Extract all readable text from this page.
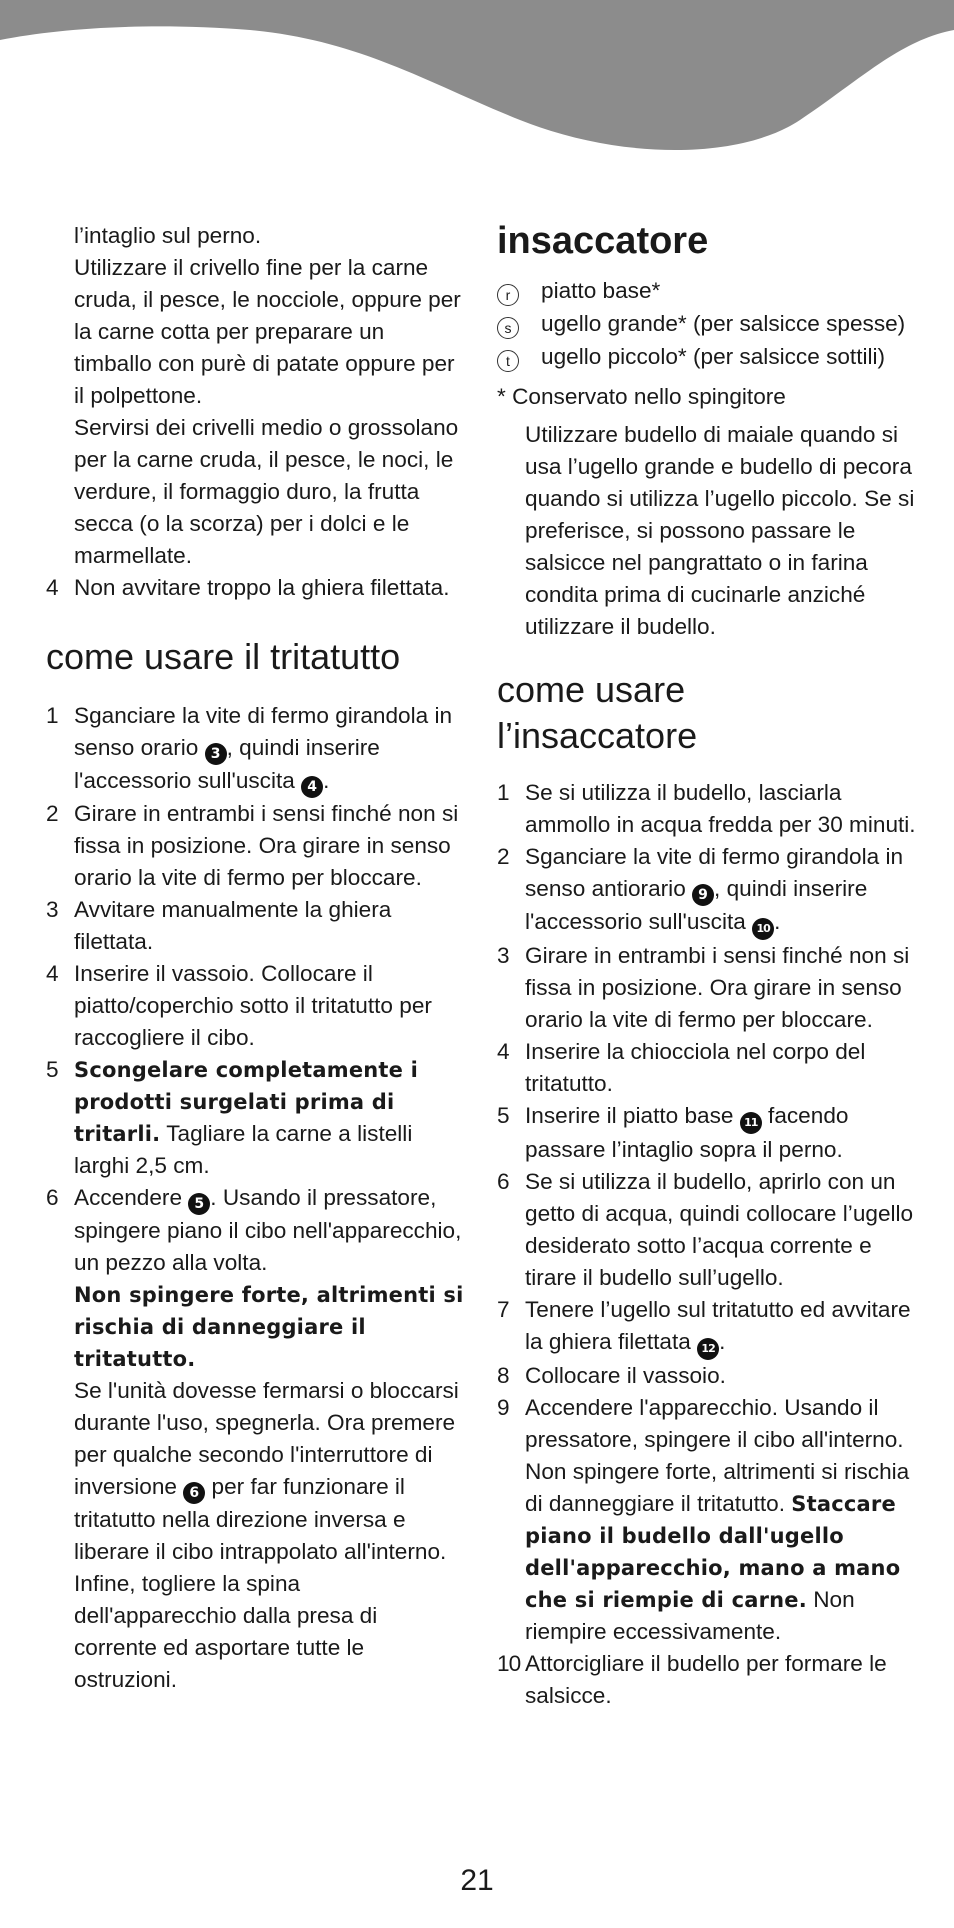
l’intaglio sul perno.

Utilizzare il crivello fine per la carne cruda, il pesce, le nocciole, oppure per la carne cotta per preparare un timballo con purè di patate oppure per il polpettone.

Servirsi dei crivelli medio o grossolano per la carne cruda, il pesce, le noci, le verdure, il formaggio duro, la frutta secca (o la scorza) per i dolci e le marmellate.

4 Non avvitare troppo la ghiera filettata.
come usare il tritatutto
1 Sganciare la vite di fermo girandola in senso orario 3 , quindi inserire l'accessorio sull'uscita 4 .
2 Girare in entrambi i sensi finché non si fissa in posizione. Ora girare in senso orario la vite di fermo per bloccare.
3 Avvitare manualmente la ghiera filettata.
4 Inserire il vassoio. Collocare il piatto/coperchio sotto il tritatutto per raccogliere il cibo.
5 Scongelare completamente i prodotti surgelati prima di tritarli. Tagliare la carne a listelli larghi 2,5 cm.
6 Accendere 5 . Usando il pressatore, spingere piano il cibo nell'apparecchio, un pezzo alla volta.
Non spingere forte, altrimenti si rischia di danneggiare il tritatutto.
Se l'unità dovesse fermarsi o bloccarsi durante l'uso, spegnerla. Ora premere per qualche secondo l'interruttore di inversione 6 per far funzionare il tritatutto nella direzione inversa e liberare il cibo intrappolato all'interno. Infine, togliere la spina dell'apparecchio dalla presa di corrente ed asportare tutte le ostruzioni.
insaccatore
r	piatto base*
s	ugello grande* (per salsicce spesse)
t	ugello piccolo* (per salsicce sottili)

* Conservato nello spingitore

Utilizzare budello di maiale quando si usa l’ugello grande e budello di pecora quando si utilizza l’ugello piccolo. Se si preferisce, si possono passare le salsicce nel pangrattato o in farina condita prima di cucinarle anziché utilizzare il budello.

come usare
l’insaccatore
1 Se si utilizza il budello, lasciarla ammollo in acqua fredda per 30 minuti.
2 Sganciare la vite di fermo girandola in senso antiorario 9 , quindi inserire l'accessorio sull'uscita 10 .
3 Girare in entrambi i sensi finché non si fissa in posizione. Ora girare in senso orario la vite di fermo per bloccare.
4 Inserire la chiocciola nel corpo del tritatutto.
5 Inserire il piatto base 11 facendo passare l’intaglio sopra il perno.
6 Se si utilizza il budello, aprirlo con un getto di acqua, quindi collocare l’ugello desiderato sotto l’acqua corrente e tirare il budello sull’ugello.
7 Tenere l’ugello sul tritatutto ed avvitare la ghiera filettata 12 .
8 Collocare il vassoio.
9 Accendere l'apparecchio. Usando il pressatore, spingere il cibo all'interno. Non spingere forte, altrimenti si rischia di danneggiare il tritatutto. Staccare piano il budello dall'ugello dell'apparecchio, mano a mano che si riempie di carne. Non riempire eccessivamente.
10 Attorcigliare il budello per formare le salsicce.
21
